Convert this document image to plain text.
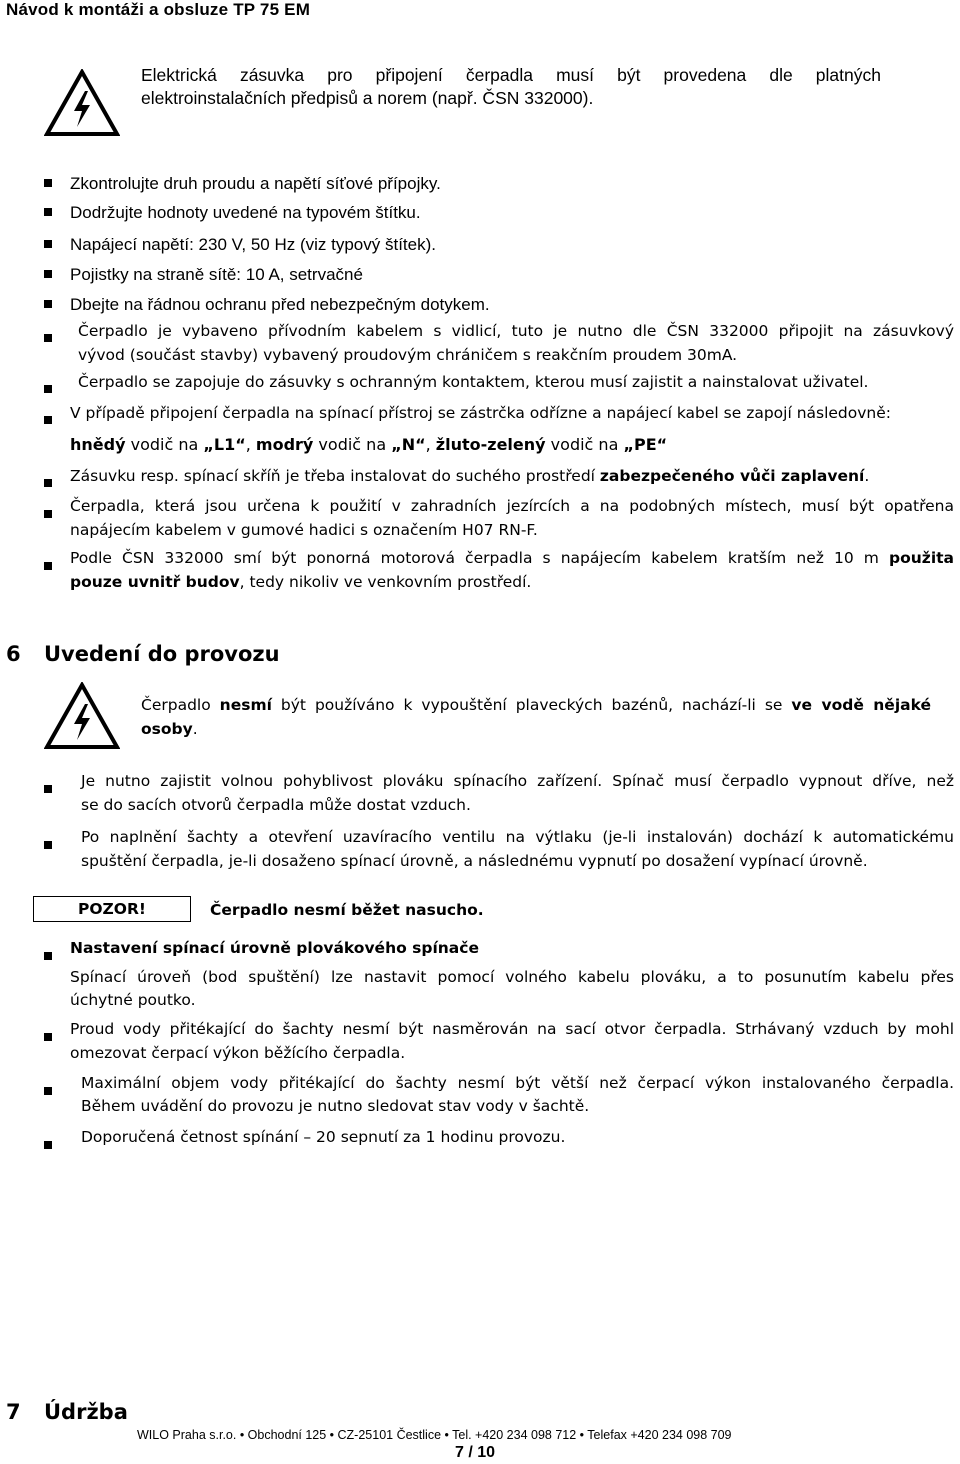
Návod k montáži a obsluze TP 75 EM
Elektrická zásuvka pro připojení čerpadla musí být provedena dle platných
elektroinstalačních předpisů a norem (např. ČSN 332000).
Zkontrolujte druh proudu a napětí síťové přípojky.
Dodržujte hodnoty uvedené na typovém štítku.
Napájecí napětí: 230 V, 50 Hz (viz typový štítek).
Pojistky na straně sítě: 10 A, setrvačné
Dbejte na řádnou ochranu před nebezpečným dotykem.
Čerpadlo je vybaveno přívodním kabelem s vidlicí, tuto je nutno dle ČSN 332000 připojit na zásuvkový
vývod (součást stavby) vybavený proudovým chráničem s reakčním proudem 30mA.
Čerpadlo se zapojuje do zásuvky s ochranným kontaktem, kterou musí zajistit a nainstalovat uživatel.
V případě připojení čerpadla na spínací přístroj se zástrčka odřízne a napájecí kabel se zapojí následovně:
hnědý vodič na „L1“, modrý vodič na „N“, žluto-zelený vodič na „PE“
Zásuvku resp. spínací skříň je třeba instalovat do suchého prostředí zabezpečeného vůči zaplavení.
Čerpadla, která jsou určena k použití v zahradních jezírcích a na podobných místech, musí být opatřena
napájecím kabelem v gumové hadici s označením H07 RN-F.
Podle ČSN 332000 smí být ponorná motorová čerpadla s napájecím kabelem kratším než 10 m použita
pouze uvnitř budov, tedy nikoliv ve venkovním prostředí.
6 Uvedení do provozu
Čerpadlo nesmí být používáno k vypouštění plaveckých bazénů, nachází-li se ve vodě nějaké
osoby.
Je nutno zajistit volnou pohyblivost plováku spínacího zařízení. Spínač musí čerpadlo vypnout dříve, než
se do sacích otvorů čerpadla může dostat vzduch.
Po naplnění šachty a otevření uzavíracího ventilu na výtlaku (je-li instalován) dochází k automatickému
spuštění čerpadla, je-li dosaženo spínací úrovně, a následnému vypnutí po dosažení vypínací úrovně.
POZOR!	Čerpadlo nesmí běžet nasucho.
Nastavení spínací úrovně plovákového spínače
Spínací úroveň (bod spuštění) lze nastavit pomocí volného kabelu plováku, a to posunutím kabelu přes
úchytné poutko.
Proud vody přitékající do šachty nesmí být nasměrován na sací otvor čerpadla. Strhávaný vzduch by mohl
omezovat čerpací výkon běžícího čerpadla.
Maximální objem vody přitékající do šachty nesmí být větší než čerpací výkon instalovaného čerpadla.
Během uvádění do provozu je nutno sledovat stav vody v šachtě.
Doporučená četnost spínání – 20 sepnutí za 1 hodinu provozu.
7 Údržba
WILO Praha s.r.o. • Obchodní 125 • CZ-25101 Čestlice • Tel. +420 234 098 712 • Telefax +420 234 098 709
7 / 10
